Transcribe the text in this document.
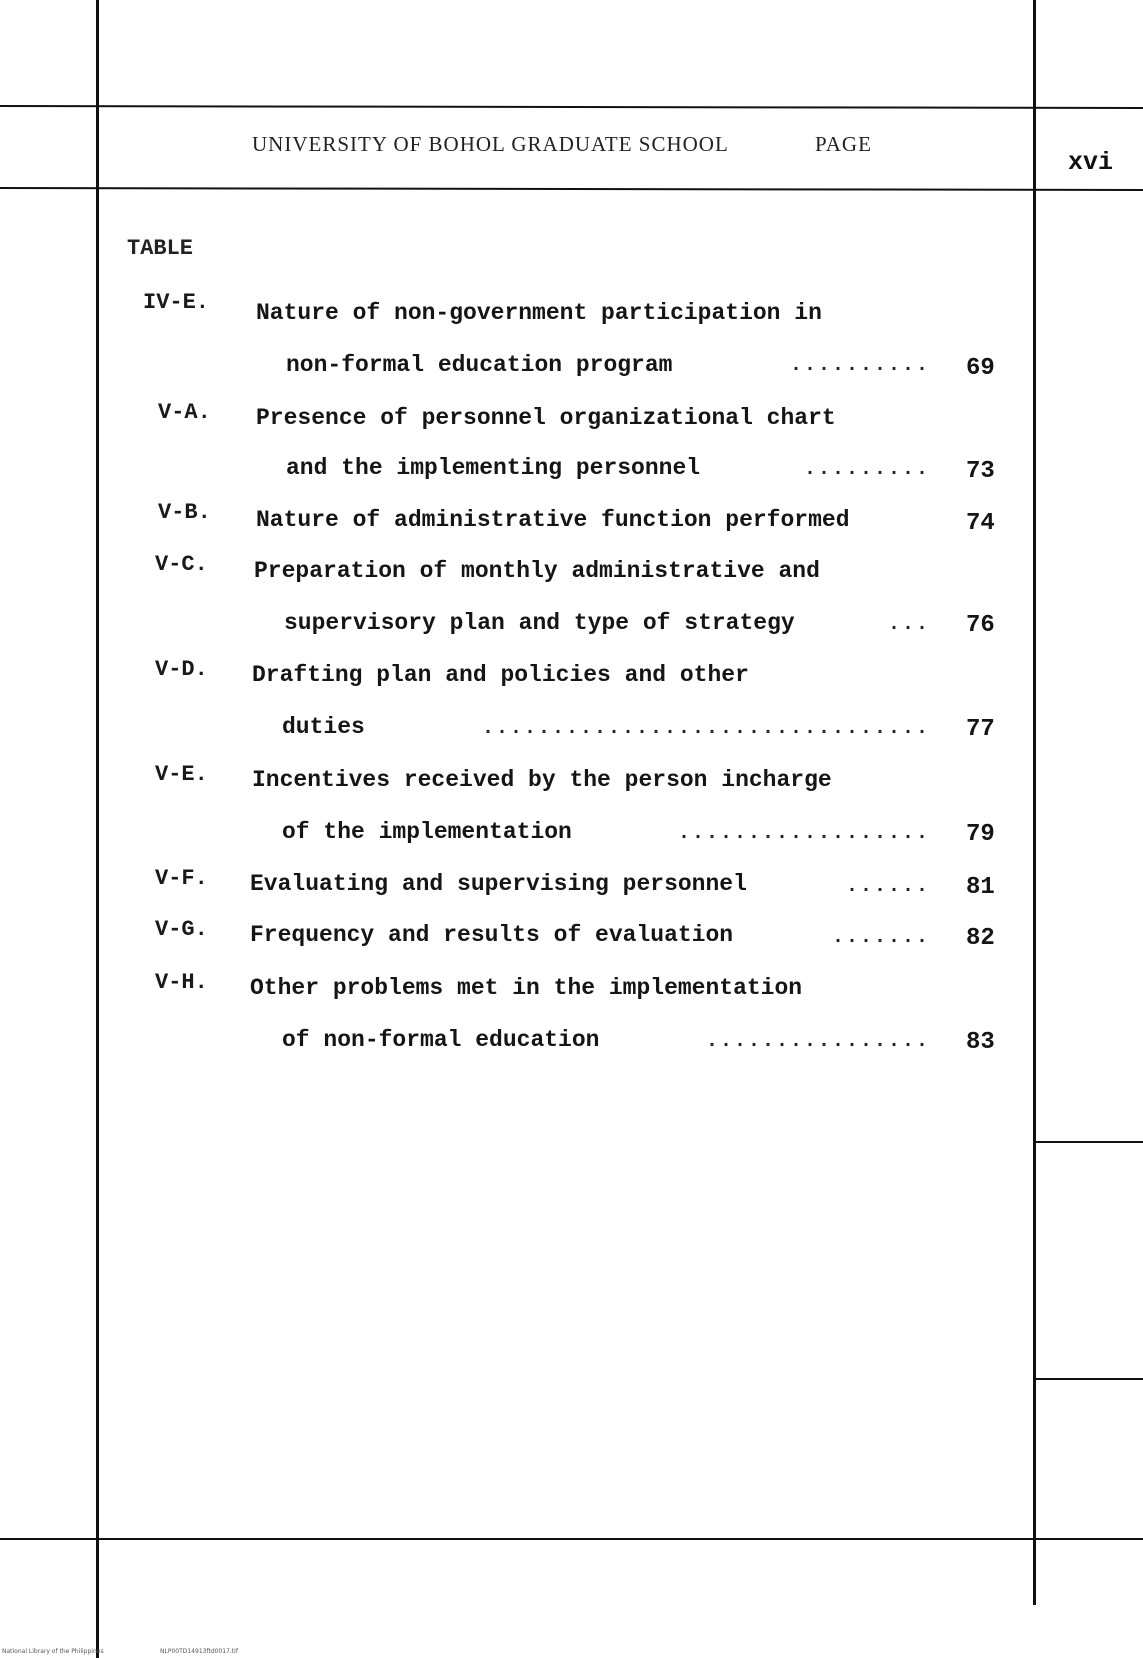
UNIVERSITY OF BOHOL GRADUATE SCHOOL	PAGE
xvi
TABLE
IV-E. Nature of non-government participation in
non-formal education program	.......... 69
V-A. Presence of personnel organizational chart
and the implementing personnel	......... 73
V-B. Nature of administrative function performed	74
V-C. Preparation of monthly administrative and
supervisory plan and type of strategy	... 76
V-D. Drafting plan and policies and other
duties	................................ 77
V-E. Incentives received by the person incharge
of the implementation	.................. 79
V-F. Evaluating and supervising personnel	...... 81
V-G. Frequency and results of evaluation	....... 82
V-H. Other problems met in the implementation
of non-formal education	................ 83
National Library of the Philippines	NLP00TD14913ftd0017.tif
